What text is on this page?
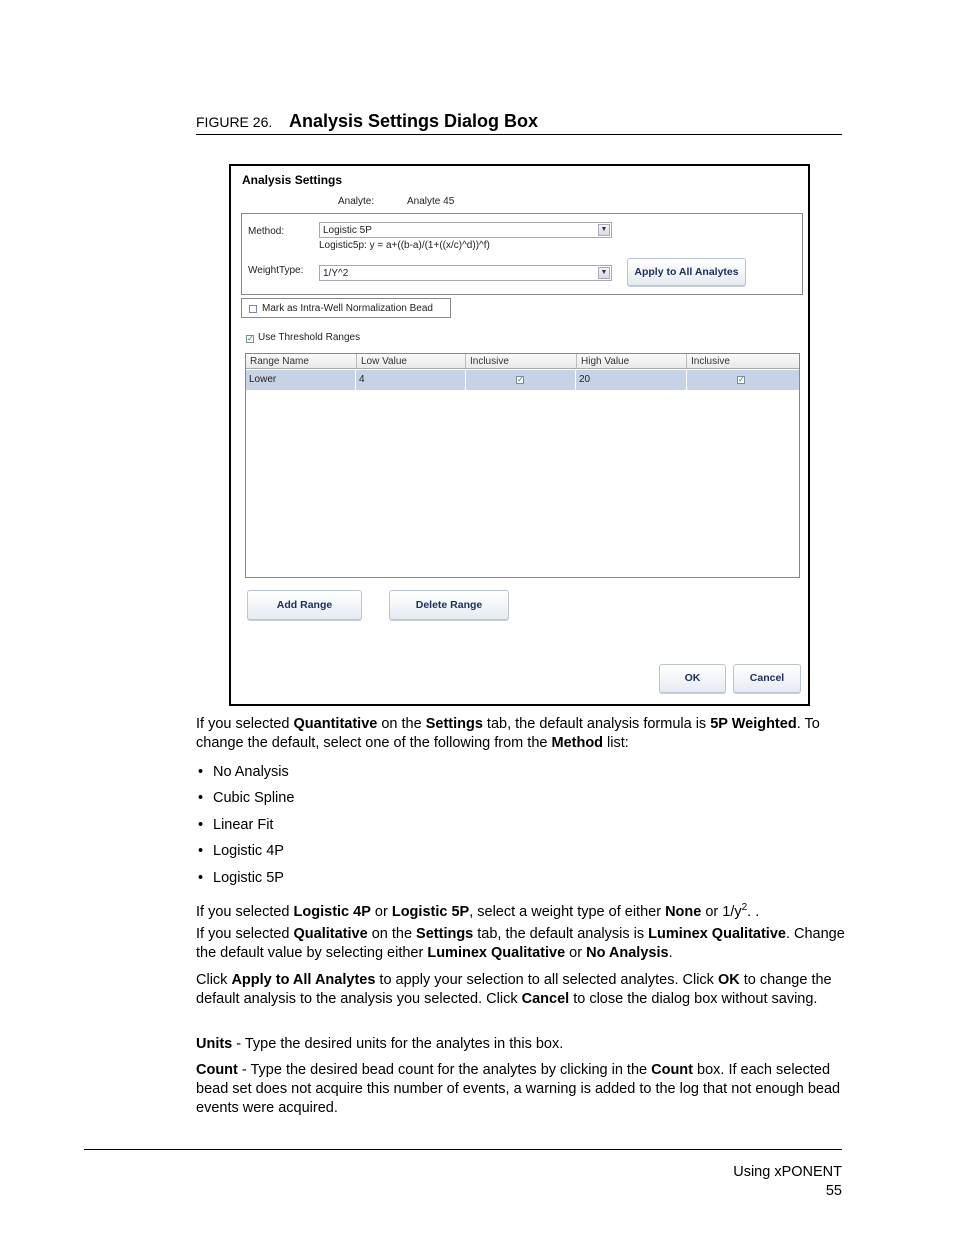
FIGURE 26. Analysis Settings Dialog Box
Analysis Settings
Analyte:	Analyte 45
Method:	Logistic 5P	▼
Logistic5p: y = a+((b-a)/(1+((x/c)^d))^f)
WeightType:	1/Y^2	▼	Apply to All Analytes
Mark as Intra-Well Normalization Bead
✓ Use Threshold Ranges
Range Name	Low Value	Inclusive	High Value	Inclusive
Lower	4	✓	20	✓
Add Range	Delete Range
OK	Cancel
If you selected Quantitative on the Settings tab, the default analysis formula is 5P Weighted. To change the default, select one of the following from the Method list:
• No Analysis
• Cubic Spline
• Linear Fit
• Logistic 4P
• Logistic 5P
If you selected Logistic 4P or Logistic 5P, select a weight type of either None or $1/y^2$. .
If you selected Qualitative on the Settings tab, the default analysis is Luminex Qualitative. Change the default value by selecting either Luminex Qualitative or No Analysis.
Click Apply to All Analytes to apply your selection to all selected analytes. Click OK to change the default analysis to the analysis you selected. Click Cancel to close the dialog box without saving.
Units - Type the desired units for the analytes in this box.
Count - Type the desired bead count for the analytes by clicking in the Count box. If each selected bead set does not acquire this number of events, a warning is added to the log that not enough bead events were acquired.
Using xPONENT
55
